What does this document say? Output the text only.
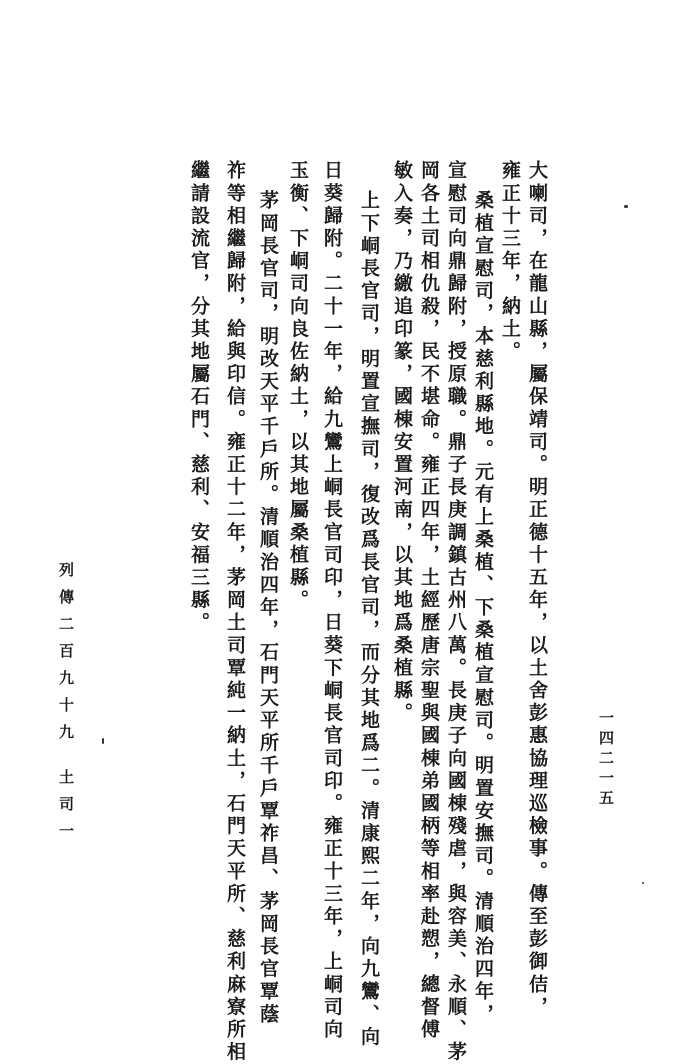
大喇司，在龍山縣，屬保靖司。明正德十五年，以土舍彭惠協理巡檢事。傳至彭御佶，
雍正十三年，納土。
桑植宣慰司，本慈利縣地。元有上桑植、下桑植宣慰司。明置安撫司。清順治四年，
宣慰司向鼎歸附，授原職。鼎子長庚調鎮古州八萬。長庚子向國棟殘虐，與容美、永順、茅
岡各土司相仇殺，民不堪命。雍正四年，土經歷唐宗聖與國棟弟國柄等相率赴愬，總督傅
敏入奏，乃繳追印篆，國棟安置河南，以其地爲桑植縣。
上下峒長官司，明置宣撫司，復改爲長官司，而分其地爲二。清康熙二年，向九鸞、向
日葵歸附。二十一年，給九鸞上峒長官司印，日葵下峒長官司印。雍正十三年，上峒司向
玉衡、下峒司向良佐納土，以其地屬桑植縣。
茅岡長官司，明改天平千戶所。清順治四年，石門天平所千戶覃祚昌、茅岡長官覃蔭
祚等相繼歸附，給與印信。雍正十二年，茅岡土司覃純一納土，石門天平所、慈利麻寮所相
繼請設流官，分其地屬石門、慈利、安福三縣。
列傳二百九十九土司一	一四二一五
